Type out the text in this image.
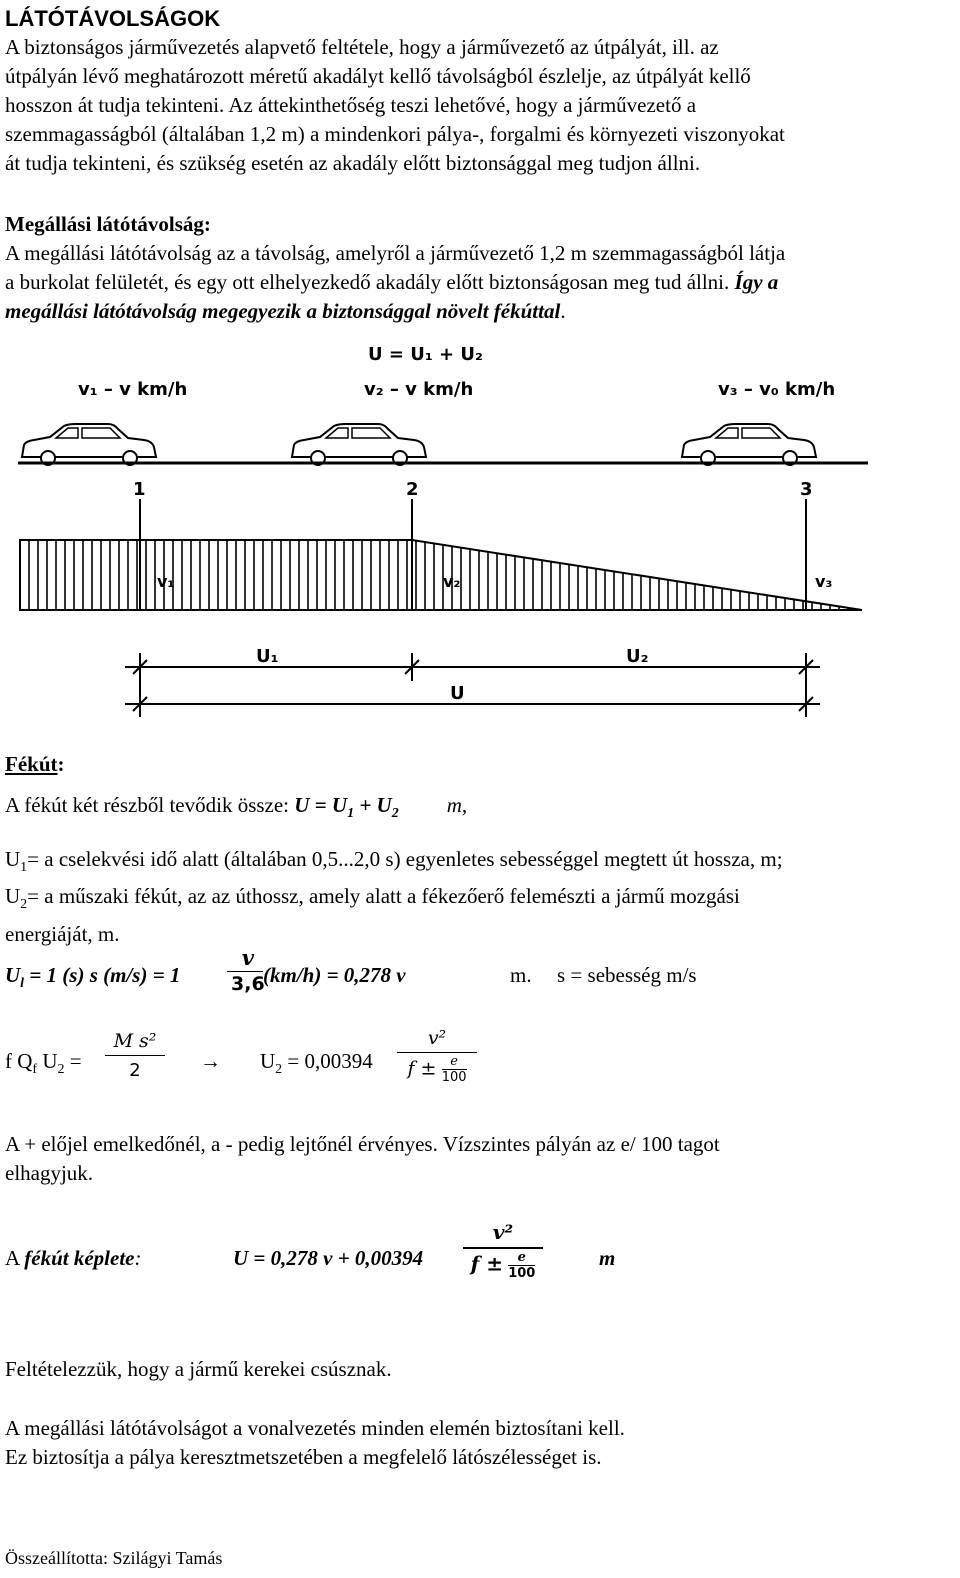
LÁTÓTÁVOLSÁGOK

A biztonságos járművezetés alapvető feltétele, hogy a járművezető az útpályát, ill. az

útpályán lévő meghatározott méretű akadályt kellő távolságból észlelje, az útpályát kellő

hosszon át tudja tekinteni. Az áttekinthetőség teszi lehetővé, hogy a járművezető a

szemmagasságból (általában 1,2 m) a mindenkori pálya-, forgalmi és környezeti viszonyokat

át tudja tekinteni, és szükség esetén az akadály előtt biztonsággal meg tudjon állni.

Megállási látótávolság:

A megállási látótávolság az a távolság, amelyről a járművezető 1,2 m szemmagasságból látja

a burkolat felületét, és egy ott elhelyezkedő akadály előtt biztonságosan meg tud állni. Így a

megállási látótávolság megegyezik a biztonsággal növelt fékúttal.

U = U₁ + U₂
v₁ – v km/h	v₂ – v km/h	v₃ – v₀ km/h
1	2	3
v₁	v₂	v₃
U₁	U₂
U

Fékút:

A fékút két részből tevődik össze: $U = U_1 + U_2$ m,

$U_1= a$ cselekvési idő alatt (általában 0,5...2,0 s) egyenletes sebességgel megtett út hossza, m;

$U_2= a$ műszaki fékút, az az úthossz, amely alatt a fékezőerő felemészti a jármű mozgási

energiáját, m.

$U_l = 1$ (s) s (m/s) = 1
v
3,6
(km/h) = 0,278 v	m. s = sebesség m/s
f $Q_f$ $U_2$ =
M s²
2	→ $U_2 = 0,00394$
v²
$f \pm \frac{e}{100}$

A + előjel emelkedőnél, a - pedig lejtőnél érvényes. Vízszintes pályán az e/ 100 tagot

elhagyjuk.

A fékút képlete:	U = 0,278 v + 0,00394
v²
$f \pm \frac{e}{100}$	m
Feltételezzük, hogy a jármű kerekei csúsznak.

A megállási látótávolságot a vonalvezetés minden elemén biztosítani kell.

Ez biztosítja a pálya keresztmetszetében a megfelelő látószélességet is.

Összeállította: Szilágyi Tamás
